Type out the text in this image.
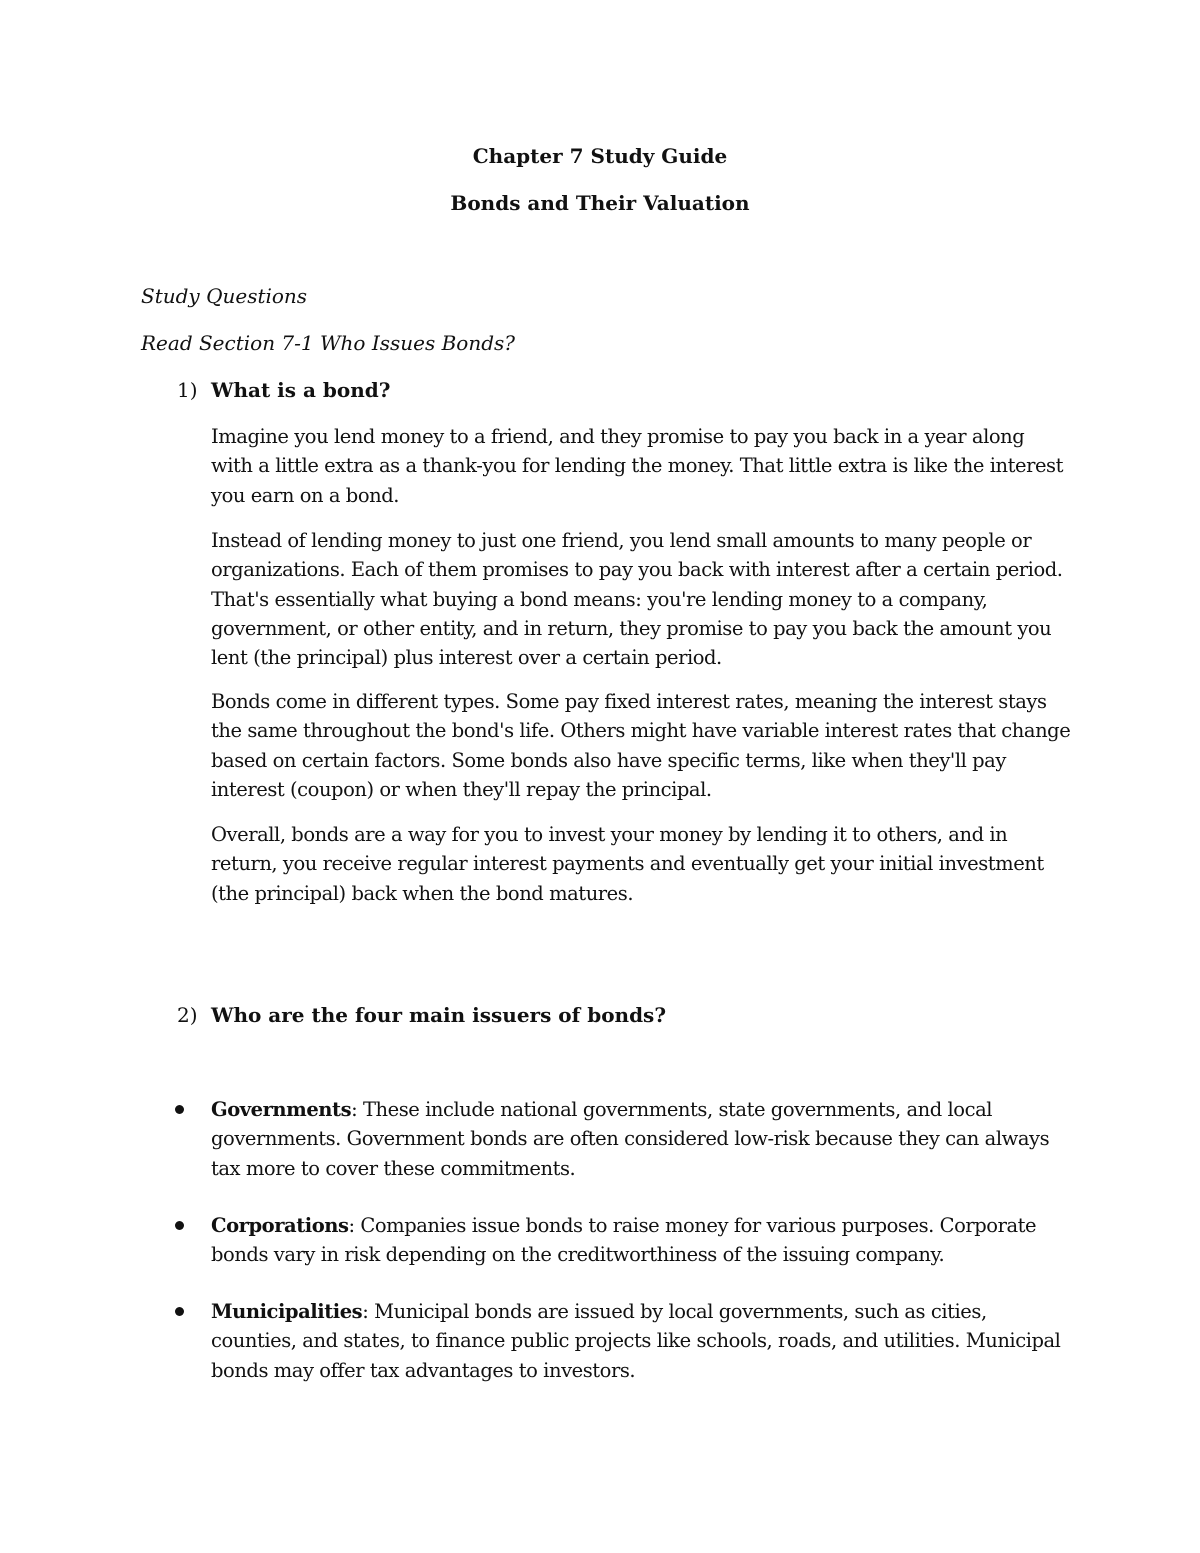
Chapter 7 Study Guide
Bonds and Their Valuation

Study Questions

Read Section 7-1 Who Issues Bonds?

1) What is a bond?

Imagine you lend money to a friend, and they promise to pay you back in a year along with a little extra as a thank-you for lending the money. That little extra is like the interest you earn on a bond.

Instead of lending money to just one friend, you lend small amounts to many people or organizations. Each of them promises to pay you back with interest after a certain period. That's essentially what buying a bond means: you're lending money to a company, government, or other entity, and in return, they promise to pay you back the amount you lent (the principal) plus interest over a certain period.

Bonds come in different types. Some pay fixed interest rates, meaning the interest stays the same throughout the bond's life. Others might have variable interest rates that change based on certain factors. Some bonds also have specific terms, like when they'll pay interest (coupon) or when they'll repay the principal.

Overall, bonds are a way for you to invest your money by lending it to others, and in return, you receive regular interest payments and eventually get your initial investment (the principal) back when the bond matures.

2) Who are the four main issuers of bonds?

Governments: These include national governments, state governments, and local governments. Government bonds are often considered low-risk because they can always tax more to cover these commitments.

Corporations: Companies issue bonds to raise money for various purposes. Corporate bonds vary in risk depending on the creditworthiness of the issuing company.

Municipalities: Municipal bonds are issued by local governments, such as cities, counties, and states, to finance public projects like schools, roads, and utilities. Municipal bonds may offer tax advantages to investors.
